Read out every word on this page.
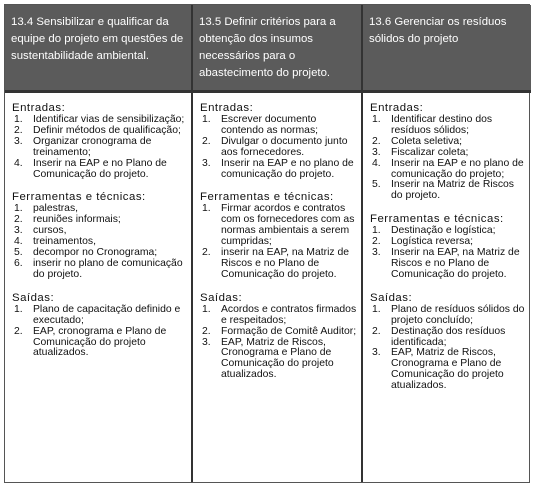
13.4 Sensibilizar e qualificar da equipe do projeto em questões de sustentabilidade ambiental.
Entradas:
1. Identificar vias de sensibilização;
2. Definir métodos de qualificação;
3. Organizar cronograma de treinamento;
4. Inserir na EAP e no Plano de Comunicação do projeto.
Ferramentas e técnicas:
1. palestras,
2. reuniões informais;
3. cursos,
4. treinamentos,
5. decompor no Cronograma;
6. inserir no plano de comunicação do projeto.
Saídas:
1. Plano de capacitação definido e executado;
2. EAP, cronograma e Plano de Comunicação do projeto atualizados.
13.5 Definir critérios para a obtenção dos insumos necessários para o abastecimento do projeto.
Entradas:
1. Escrever documento contendo as normas;
2. Divulgar o documento junto aos fornecedores.
3. Inserir na EAP e no plano de comunicação do projeto.
Ferramentas e técnicas:
1. Firmar acordos e contratos com os fornecedores com as normas ambientais a serem cumpridas;
2. inserir na EAP, na Matriz de Riscos e no Plano de Comunicação do projeto.
Saídas:
1. Acordos e contratos firmados e respeitados;
2. Formação de Comitê Auditor;
3. EAP, Matriz de Riscos, Cronograma e Plano de Comunicação do projeto atualizados.
13.6 Gerenciar os resíduos sólidos do projeto
Entradas:
1. Identificar destino dos resíduos sólidos;
2. Coleta seletiva;
3. Fiscalizar coleta;
4. Inserir na EAP e no plano de comunicação do projeto;
5. Inserir na Matriz de Riscos do projeto.
Ferramentas e técnicas:
1. Destinação e logística;
2. Logística reversa;
3. Inserir na EAP, na Matriz de Riscos e no Plano de Comunicação do projeto.
Saídas:
1. Plano de resíduos sólidos do projeto concluído;
2. Destinação dos resíduos identificada;
3. EAP, Matriz de Riscos, Cronograma e Plano de Comunicação do projeto atualizados.
